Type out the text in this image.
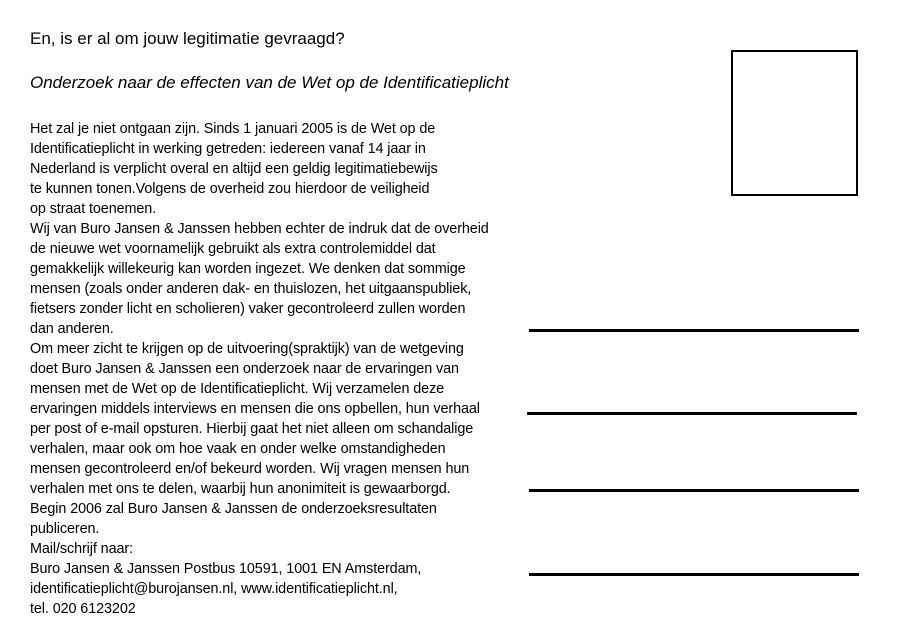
En, is er al om jouw legitimatie gevraagd?
Onderzoek naar de effecten van de Wet op de Identificatieplicht
Het zal je niet ontgaan zijn. Sinds 1 januari 2005 is de Wet op de
Identificatieplicht in werking getreden: iedereen vanaf 14 jaar in
Nederland is verplicht overal en altijd een geldig legitimatiebewijs
te kunnen tonen.Volgens de overheid zou hierdoor de veiligheid
op straat toenemen.
Wij van Buro Jansen & Janssen hebben echter de indruk dat de overheid
de nieuwe wet voornamelijk gebruikt als extra controlemiddel dat
gemakkelijk willekeurig kan worden ingezet. We denken dat sommige
mensen (zoals onder anderen dak- en thuislozen, het uitgaanspubliek,
fietsers zonder licht en scholieren) vaker gecontroleerd zullen worden
dan anderen.
Om meer zicht te krijgen op de uitvoering(spraktijk) van de wetgeving
doet Buro Jansen & Janssen een onderzoek naar de ervaringen van
mensen met de Wet op de Identificatieplicht. Wij verzamelen deze
ervaringen middels interviews en mensen die ons opbellen, hun verhaal
per post of e-mail opsturen. Hierbij gaat het niet alleen om schandalige
verhalen, maar ook om hoe vaak en onder welke omstandigheden
mensen gecontroleerd en/of bekeurd worden. Wij vragen mensen hun
verhalen met ons te delen, waarbij hun anonimiteit is gewaarborgd.
Begin 2006 zal Buro Jansen & Janssen de onderzoeksresultaten
publiceren.
Mail/schrijf naar:
Buro Jansen & Janssen Postbus 10591, 1001 EN Amsterdam,
identificatieplicht@burojansen.nl, www.identificatieplicht.nl,
tel. 020 6123202
